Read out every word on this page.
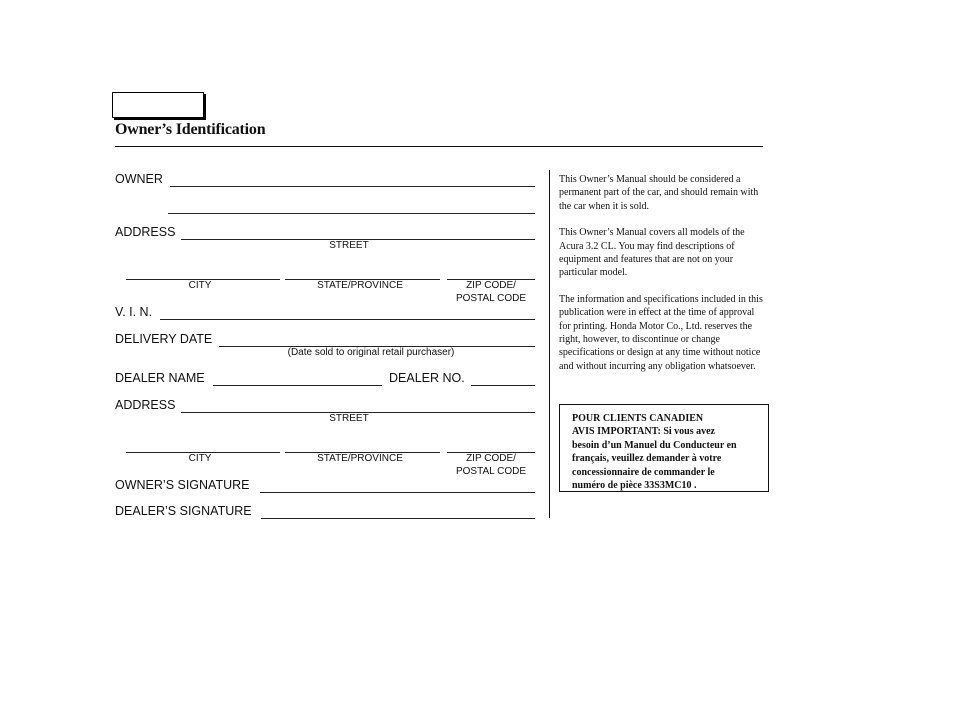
Owner’s Identification
OWNER
ADDRESS
STREET
CITY	STATE/PROVINCE	ZIP CODE/
POSTAL CODE
V. I. N.
DELIVERY DATE
(Date sold to original retail purchaser)
DEALER NAME	DEALER NO.
ADDRESS
STREET
CITY	STATE/PROVINCE	ZIP CODE/
POSTAL CODE
OWNER’S SIGNATURE
DEALER’S SIGNATURE

This Owner’s Manual should be considered a permanent part of the car, and should remain with the car when it is sold.

This Owner’s Manual covers all models of the Acura 3.2 CL. You may find descriptions of equipment and features that are not on your particular model.

The information and specifications included in this publication were in effect at the time of approval for printing. Honda Motor Co., Ltd. reserves the right, however, to discontinue or change specifications or design at any time without notice and without incurring any obligation whatsoever.

POUR CLIENTS CANADIEN
AVIS IMPORTANT: Si vous avez
besoin d’un Manuel du Conducteur en
français, veuillez demander à votre
concessionnaire de commander le
numéro de pièce 33S3MC10 .
